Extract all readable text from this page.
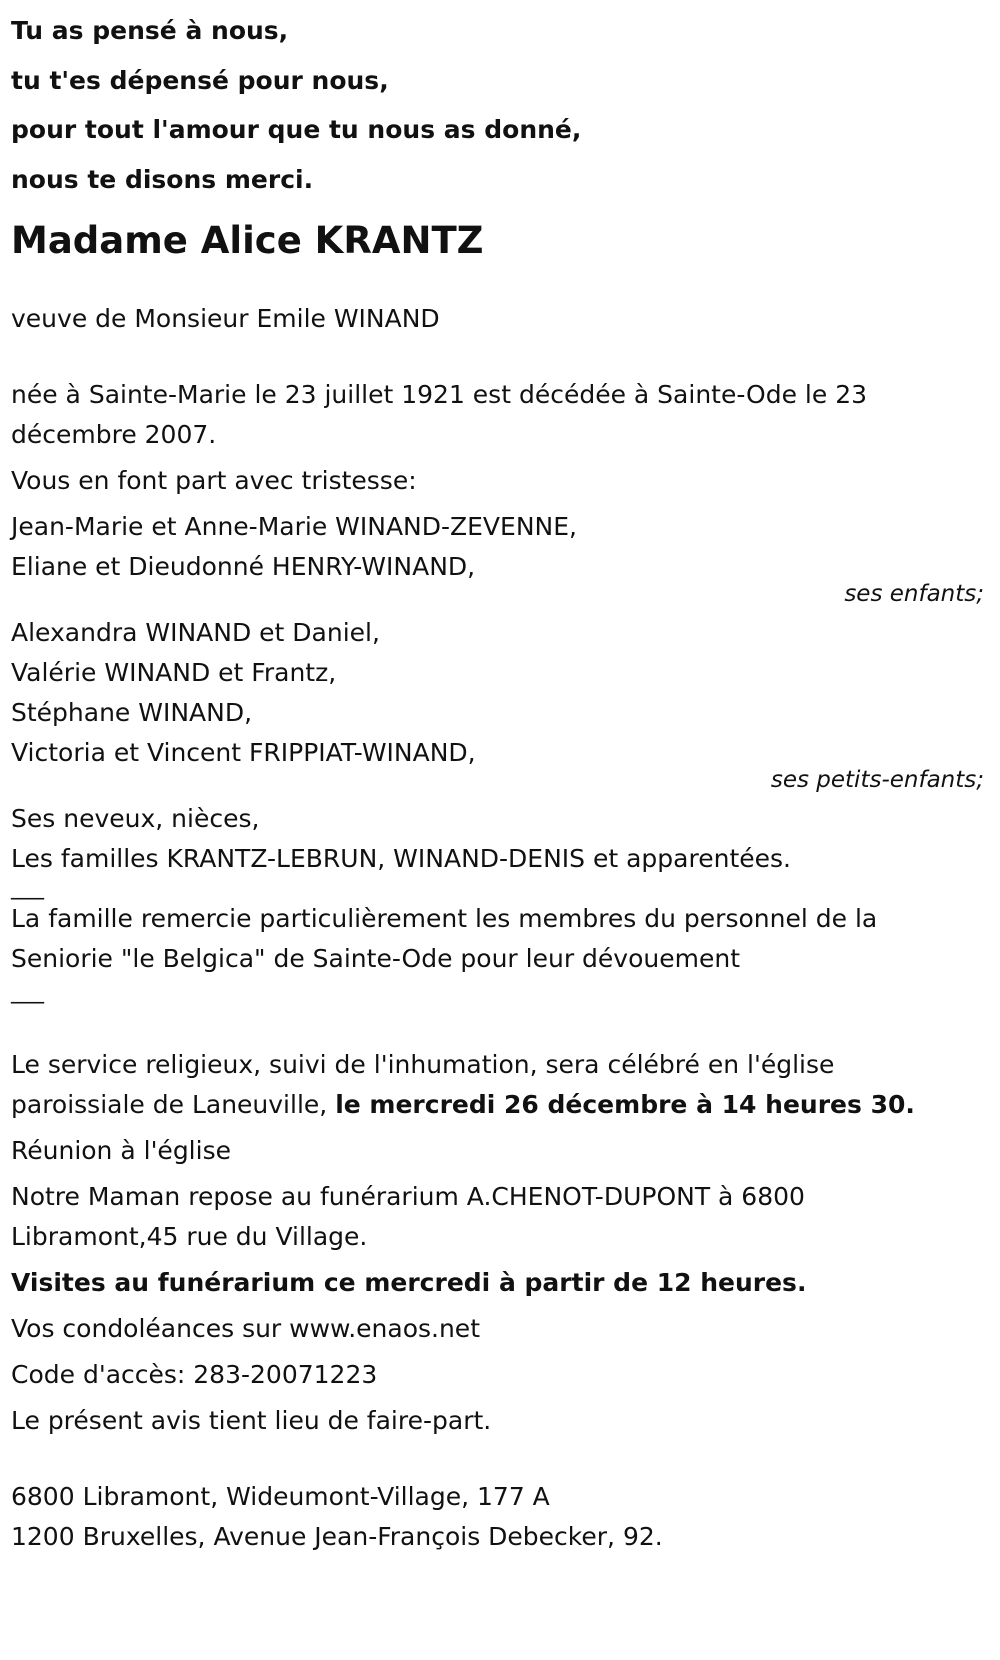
Tu as pensé à nous,
tu t'es dépensé pour nous,
pour tout l'amour que tu nous as donné,
nous te disons merci.
Madame Alice KRANTZ
veuve de Monsieur Emile WINAND
née à Sainte-Marie le 23 juillet 1921 est décédée à Sainte-Ode le 23 décembre 2007.
Vous en font part avec tristesse:
Jean-Marie et Anne-Marie WINAND-ZEVENNE,
Eliane et Dieudonné HENRY-WINAND,
ses enfants;
Alexandra WINAND et Daniel,
Valérie WINAND et Frantz,
Stéphane WINAND,
Victoria et Vincent FRIPPIAT-WINAND,
ses petits-enfants;
Ses neveux, nièces,
Les familles KRANTZ-LEBRUN, WINAND-DENIS et apparentées.
___
La famille remercie particulièrement les membres du personnel de la Seniorie "le Belgica" de Sainte-Ode pour leur dévouement
___
Le service religieux, suivi de l'inhumation, sera célébré en l'église paroissiale de Laneuville, le mercredi 26 décembre à 14 heures 30.
Réunion à l'église
Notre Maman repose au funérarium A.CHENOT-DUPONT à 6800 Libramont,45 rue du Village.
Visites au funérarium ce mercredi à partir de 12 heures.
Vos condoléances sur www.enaos.net
Code d'accès: 283-20071223
Le présent avis tient lieu de faire-part.
6800 Libramont, Wideumont-Village, 177 A
1200 Bruxelles, Avenue Jean-François Debecker, 92.
